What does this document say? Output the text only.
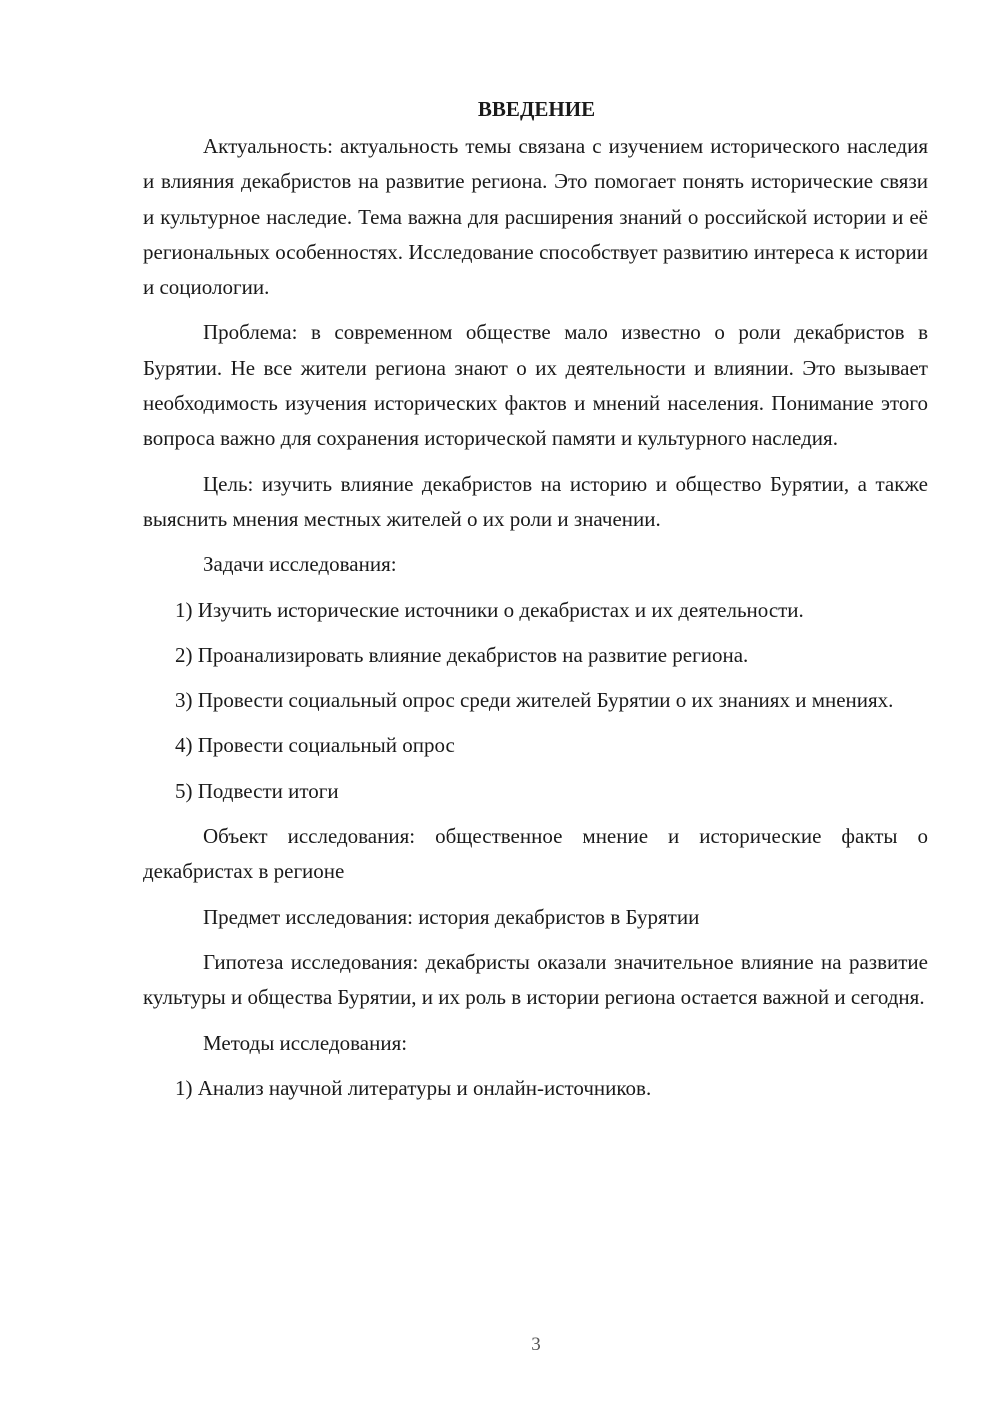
ВВЕДЕНИЕ

Актуальность: актуальность темы связана с изучением исторического наследия и влияния декабристов на развитие региона. Это помогает понять исторические связи и культурное наследие. Тема важна для расширения знаний о российской истории и её региональных особенностях. Исследование способствует развитию интереса к истории и социологии.

Проблема: в современном обществе мало известно о роли декабристов в Бурятии. Не все жители региона знают о их деятельности и влиянии. Это вызывает необходимость изучения исторических фактов и мнений населения. Понимание этого вопроса важно для сохранения исторической памяти и культурного наследия.

Цель: изучить влияние декабристов на историю и общество Бурятии, а также выяснить мнения местных жителей о их роли и значении.

Задачи исследования:

1) Изучить исторические источники о декабристах и их деятельности.

2) Проанализировать влияние декабристов на развитие региона.

3) Провести социальный опрос среди жителей Бурятии о их знаниях и мнениях.

4) Провести социальный опрос

5) Подвести итоги

Объект исследования: общественное мнение и исторические факты о декабристах в регионе

Предмет исследования: история декабристов в Бурятии

Гипотеза исследования: декабристы оказали значительное влияние на развитие культуры и общества Бурятии, и их роль в истории региона остается важной и сегодня.

Методы исследования:

1) Анализ научной литературы и онлайн-источников.

3
